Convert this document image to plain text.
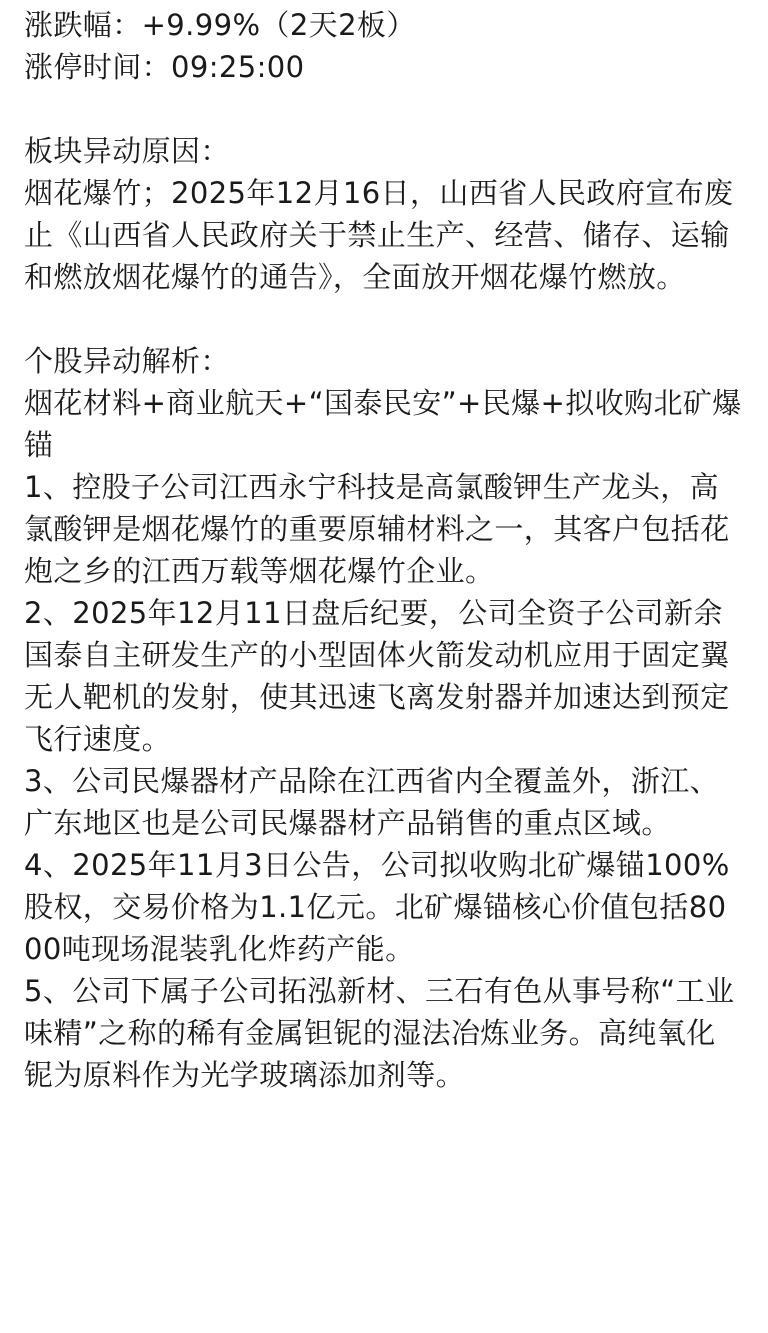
涨跌幅：+9.99%（2天2板）
涨停时间：09:25:00
板块异动原因：
烟花爆竹；2025年12月16日，山西省人民政府宣布废止《山西省人民政府关于禁止生产、经营、储存、运输和燃放烟花爆竹的通告》，全面放开烟花爆竹燃放。
个股异动解析：
烟花材料+商业航天+“国泰民安”+民爆+拟收购北矿爆锚
1、控股子公司江西永宁科技是高氯酸钾生产龙头，高氯酸钾是烟花爆竹的重要原辅材料之一，其客户包括花炮之乡的江西万载等烟花爆竹企业。
2、2025年12月11日盘后纪要，公司全资子公司新余国泰自主研发生产的小型固体火箭发动机应用于固定翼无人靶机的发射，使其迅速飞离发射器并加速达到预定飞行速度。
3、公司民爆器材产品除在江西省内全覆盖外，浙江、广东地区也是公司民爆器材产品销售的重点区域。
4、2025年11月3日公告，公司拟收购北矿爆锚100%股权，交易价格为1.1亿元。北矿爆锚核心价值包括8000吨现场混装乳化炸药产能。
5、公司下属子公司拓泓新材、三石有色从事号称“工业味精”之称的稀有金属钽铌的湿法冶炼业务。高纯氧化铌为原料作为光学玻璃添加剂等。
